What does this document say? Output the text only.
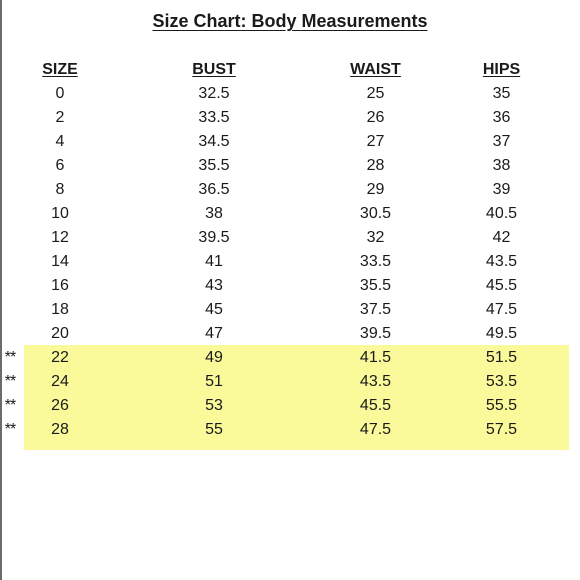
Size Chart: Body Measurements
	SIZE	BUST	WAIST	HIPS
	0	32.5	25	35
	2	33.5	26	36
	4	34.5	27	37
	6	35.5	28	38
	8	36.5	29	39
	10	38	30.5	40.5
	12	39.5	32	42
	14	41	33.5	43.5
	16	43	35.5	45.5
	18	45	37.5	47.5
	20	47	39.5	49.5
**	22	49	41.5	51.5
**	24	51	43.5	53.5
**	26	53	45.5	55.5
**	28	55	47.5	57.5
